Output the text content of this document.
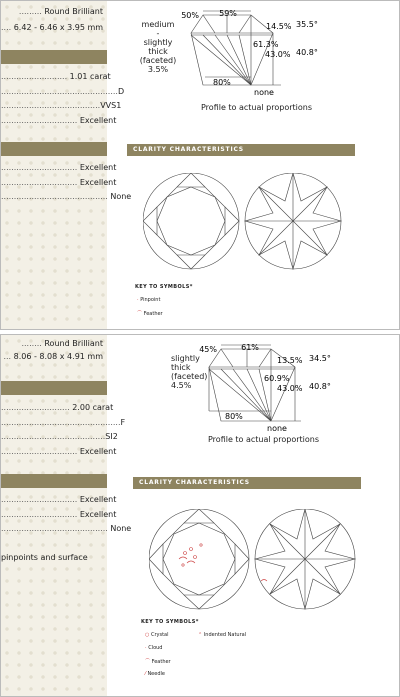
......... Round Brilliant
.... 6.42 - 6.46 x 3.95 mm
.......................... 1.01 carat
..............................................D
.......................................VVS1
.............................. Excellent
.............................. Excellent
.............................. Excellent
.......................................... None
50%	59%
14.5% 35.5°
61.3%
43.0% 40.8°
80%
none
medium
-
slightly
thick
(faceted)
3.5%
Profile to actual proportions
CLARITY CHARACTERISTICS
KEY TO SYMBOLS*
· Pinpoint
⌒ Feather
........ Round Brilliant
... 8.06 - 8.08 x 4.91 mm
........................... 2.00 carat
...............................................F
.........................................SI2
.............................. Excellent
.............................. Excellent
.............................. Excellent
.......................................... None
pinpoints and surface
45%	61%
13.5% 34.5°
60.9%
43.0% 40.8°
80%
none
slightly
thick
(faceted)
4.5%
Profile to actual proportions
CLARITY CHARACTERISTICS
KEY TO SYMBOLS*
○ Crystal	⌃ Indented Natural
· Cloud
⌒ Feather
⁄ Needle
